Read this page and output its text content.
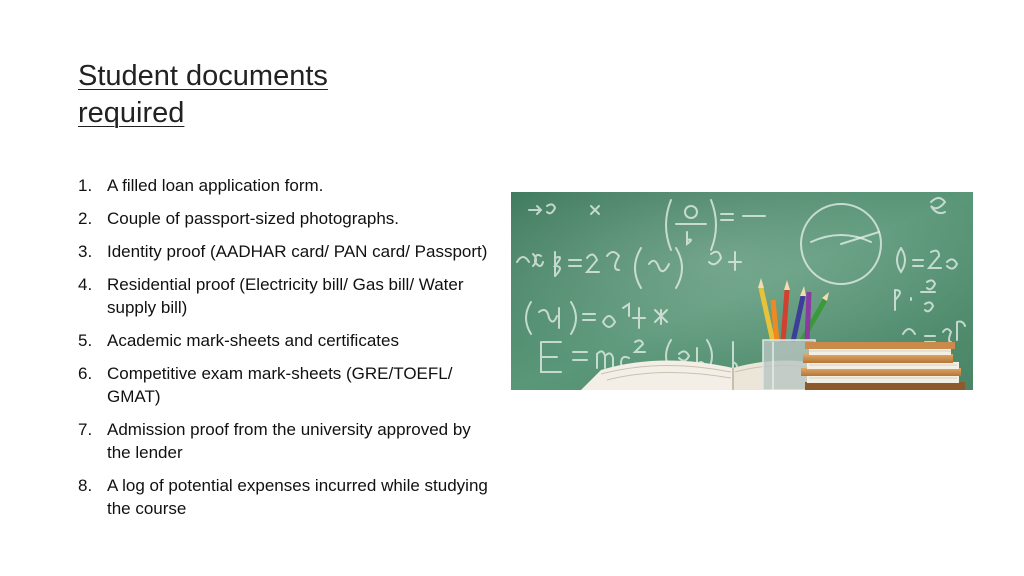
Student documents required
1. A filled loan application form.
2. Couple of passport-sized photographs.
3. Identity proof (AADHAR card/ PAN card/ Passport)
4. Residential proof (Electricity bill/ Gas bill/ Water supply bill)
5. Academic mark-sheets and certificates
6. Competitive exam mark-sheets (GRE/TOEFL/ GMAT)
7. Admission proof from the university approved by the lender
8. A log of potential expenses incurred while studying the course
